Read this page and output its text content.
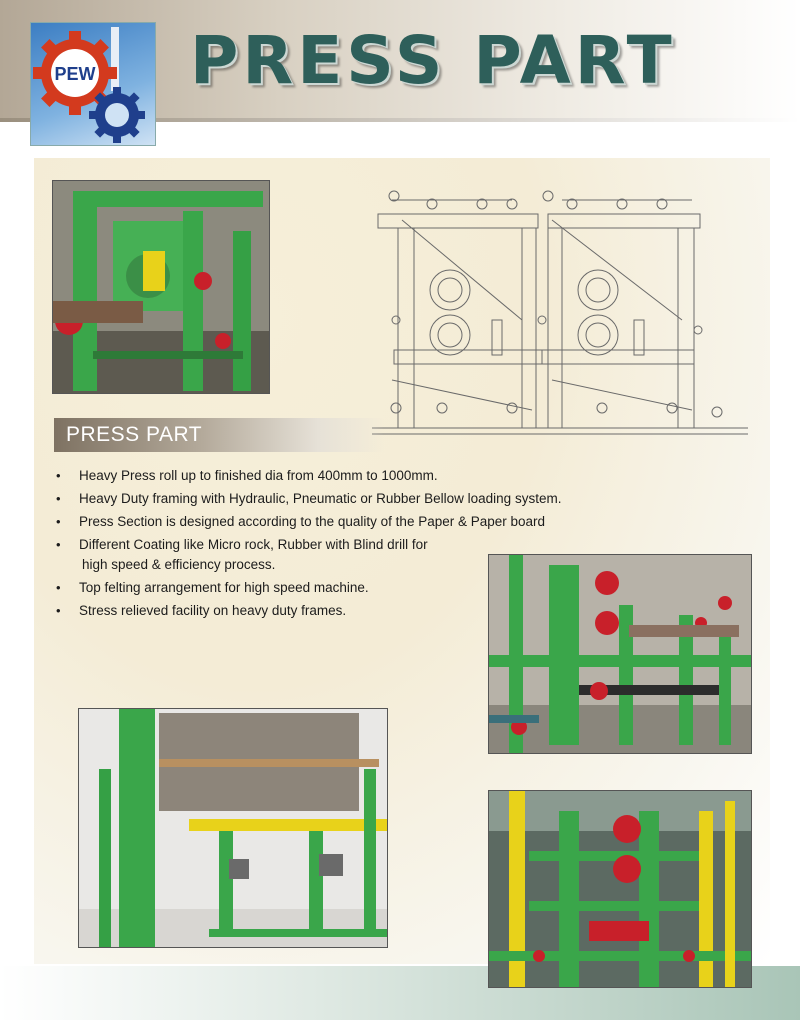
PEW PRESS PART
PRESS PART
• Heavy Press roll up to finished dia from 400mm to 1000mm.
• Heavy Duty framing with Hydraulic, Pneumatic or Rubber Bellow loading system.
• Press Section is designed according to the quality of the Paper & Paper board
• Different Coating like Micro rock, Rubber with Blind drill for
high speed & efficiency process.
• Top felting arrangement for high speed machine.
• Stress relieved facility on heavy duty frames.
